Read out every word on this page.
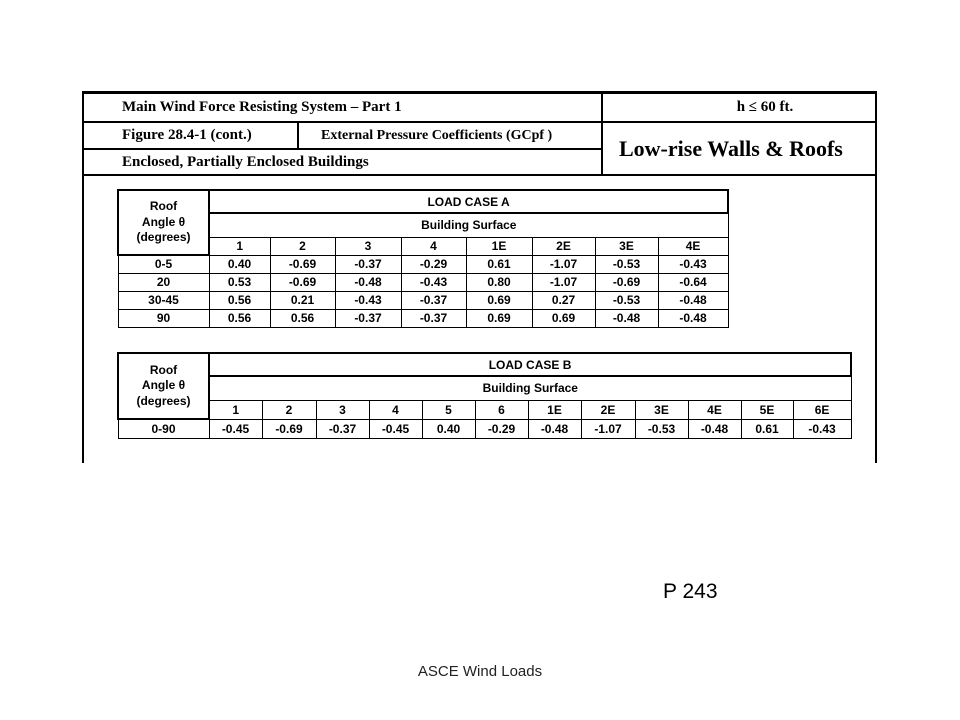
Main Wind Force Resisting System – Part 1	h ≤ 60 ft.
Figure 28.4-1 (cont.)	External Pressure Coefficients (GCpf )
Enclosed, Partially Enclosed Buildings
Low-rise Walls & Roofs
Roof
Angle θ
(degrees)	LOAD CASE A							
	Building Surface							
	1	2	3	4	1E	2E	3E	4E
0-5	0.40	-0.69	-0.37	-0.29	0.61	-1.07	-0.53	-0.43
20	0.53	-0.69	-0.48	-0.43	0.80	-1.07	-0.69	-0.64
30-45	0.56	0.21	-0.43	-0.37	0.69	0.27	-0.53	-0.48
90	0.56	0.56	-0.37	-0.37	0.69	0.69	-0.48	-0.48
Roof
Angle θ
(degrees)	LOAD CASE B											
	Building Surface											
	1	2	3	4	5	6	1E	2E	3E	4E	5E	6E
0-90	-0.45	-0.69	-0.37	-0.45	0.40	-0.29	-0.48	-1.07	-0.53	-0.48	0.61	-0.43
P 243
ASCE Wind Loads
